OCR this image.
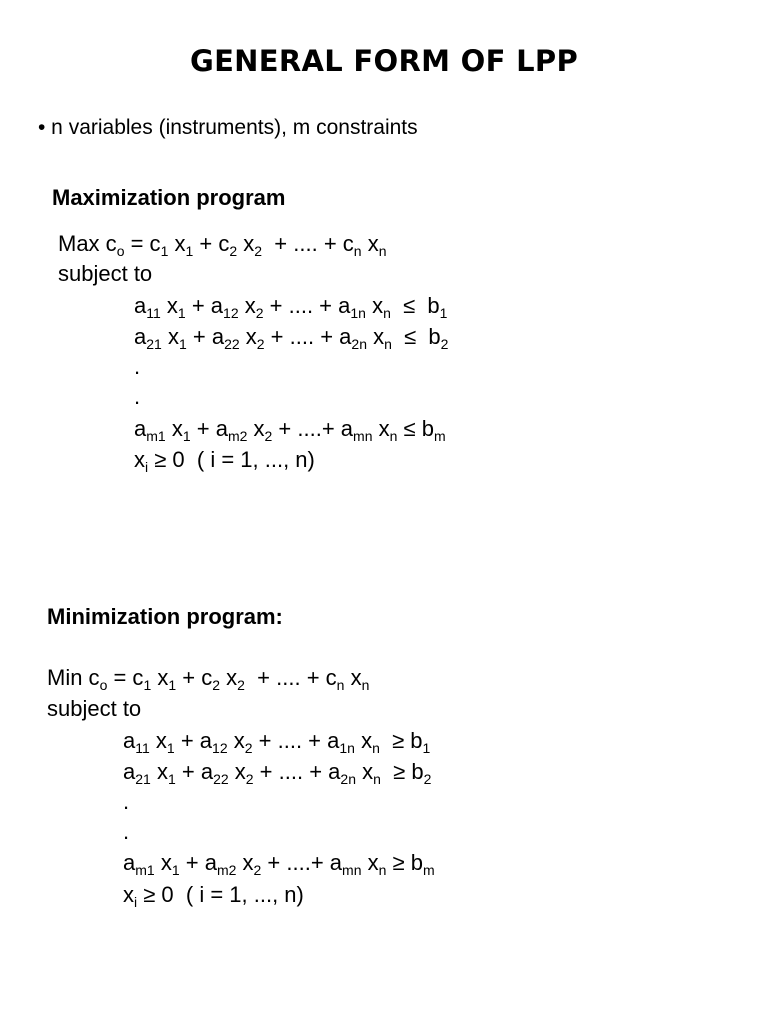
GENERAL FORM OF LPP
• n variables (instruments), m constraints
Maximization program
Max $c_o = c_1$ $x_1 + c_2$ $x_2$  + .... + $c_n$ $x_n$
subject to
$a_{11}$ $x_1 + a_{12}$ $x_2$ + .... + $a_{1n}$ $x_n \le b_1$
$a_{21}$ $x_1 + a_{22}$ $x_2$ + .... + $a_{2n}$ $x_n \le b_2$
.
.
$a_{m1}$ $x_1 + a_{m2}$ $x_2$ + ....+ $a_{mn}$ $x_n \le b_m$
$x_i \ge 0$  ( i = 1, ..., n)
Minimization program:
Min $c_o = c_1$ $x_1 + c_2$ $x_2$  + .... + $c_n$ $x_n$
subject to
$a_{11}$ $x_1 + a_{12}$ $x_2$ + .... + $a_{1n}$ $x_n \ge b_1$
$a_{21}$ $x_1 + a_{22}$ $x_2$ + .... + $a_{2n}$ $x_n \ge b_2$
.
.
$a_{m1}$ $x_1 + a_{m2}$ $x_2$ + ....+ $a_{mn}$ $x_n \ge b_m$
$x_i \ge 0$  ( i = 1, ..., n)
